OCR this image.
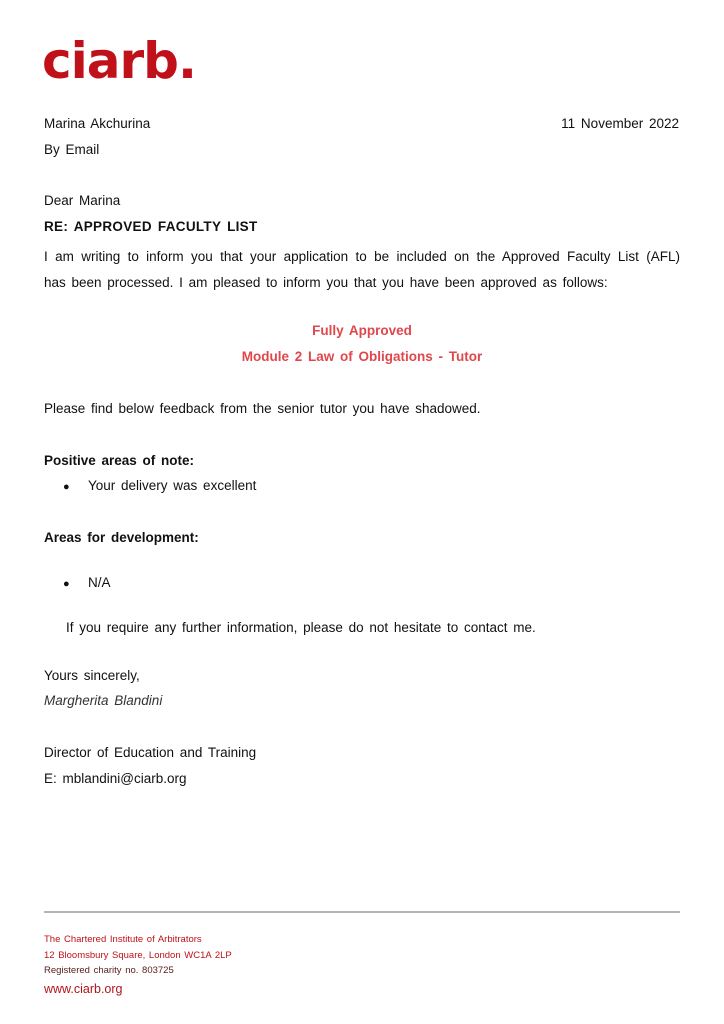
ciarb.
Marina Akchurina
By Email
11 November 2022
Dear Marina
RE: APPROVED FACULTY LIST
I am writing to inform you that your application to be included on the Approved Faculty List (AFL) has been processed. I am pleased to inform you that you have been approved as follows:
Fully Approved
Module 2 Law of Obligations - Tutor
Please find below feedback from the senior tutor you have shadowed.
Positive areas of note:
● Your delivery was excellent
Areas for development:
● N/A
If you require any further information, please do not hesitate to contact me.
Yours sincerely,
Margherita Blandini
Director of Education and Training
E: mblandini@ciarb.org
The Chartered Institute of Arbitrators
12 Bloomsbury Square, London WC1A 2LP
Registered charity no. 803725
www.ciarb.org
